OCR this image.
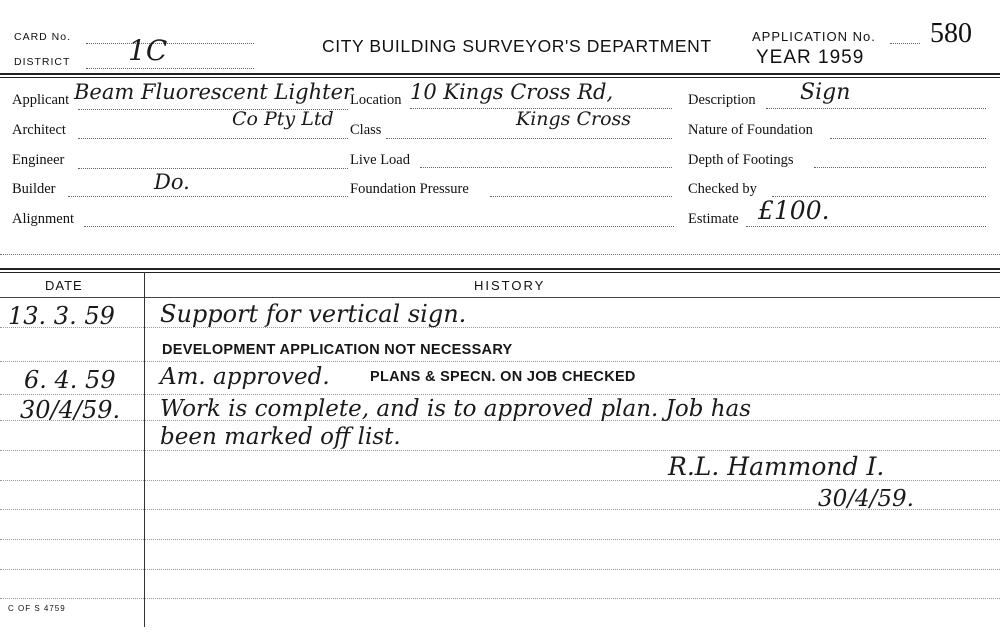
CARD No.
DISTRICT 1C	CITY BUILDING SURVEYOR'S DEPARTMENT	APPLICATION No. 580
YEAR 1959
Applicant Beam Fluorescent Lighter
Co Pty Ltd
Architect
Engineer
Builder	Do.
Alignment
Location 10 Kings Cross Rd,
Kings Cross
Class
Live Load
Foundation Pressure
Description Sign
Nature of Foundation
Depth of Footings
Checked by
Estimate £100.
DATE	HISTORY
13. 3. 59 Support for vertical sign.
DEVELOPMENT APPLICATION NOT NECESSARY
6. 4. 59 Am. approved.	PLANS & SPECN. ON JOB CHECKED
30/4/59. Work is complete, and is to approved plan. Job has
been marked off list.
R.L. Hammond I.
30/4/59.
C OF S 4759
